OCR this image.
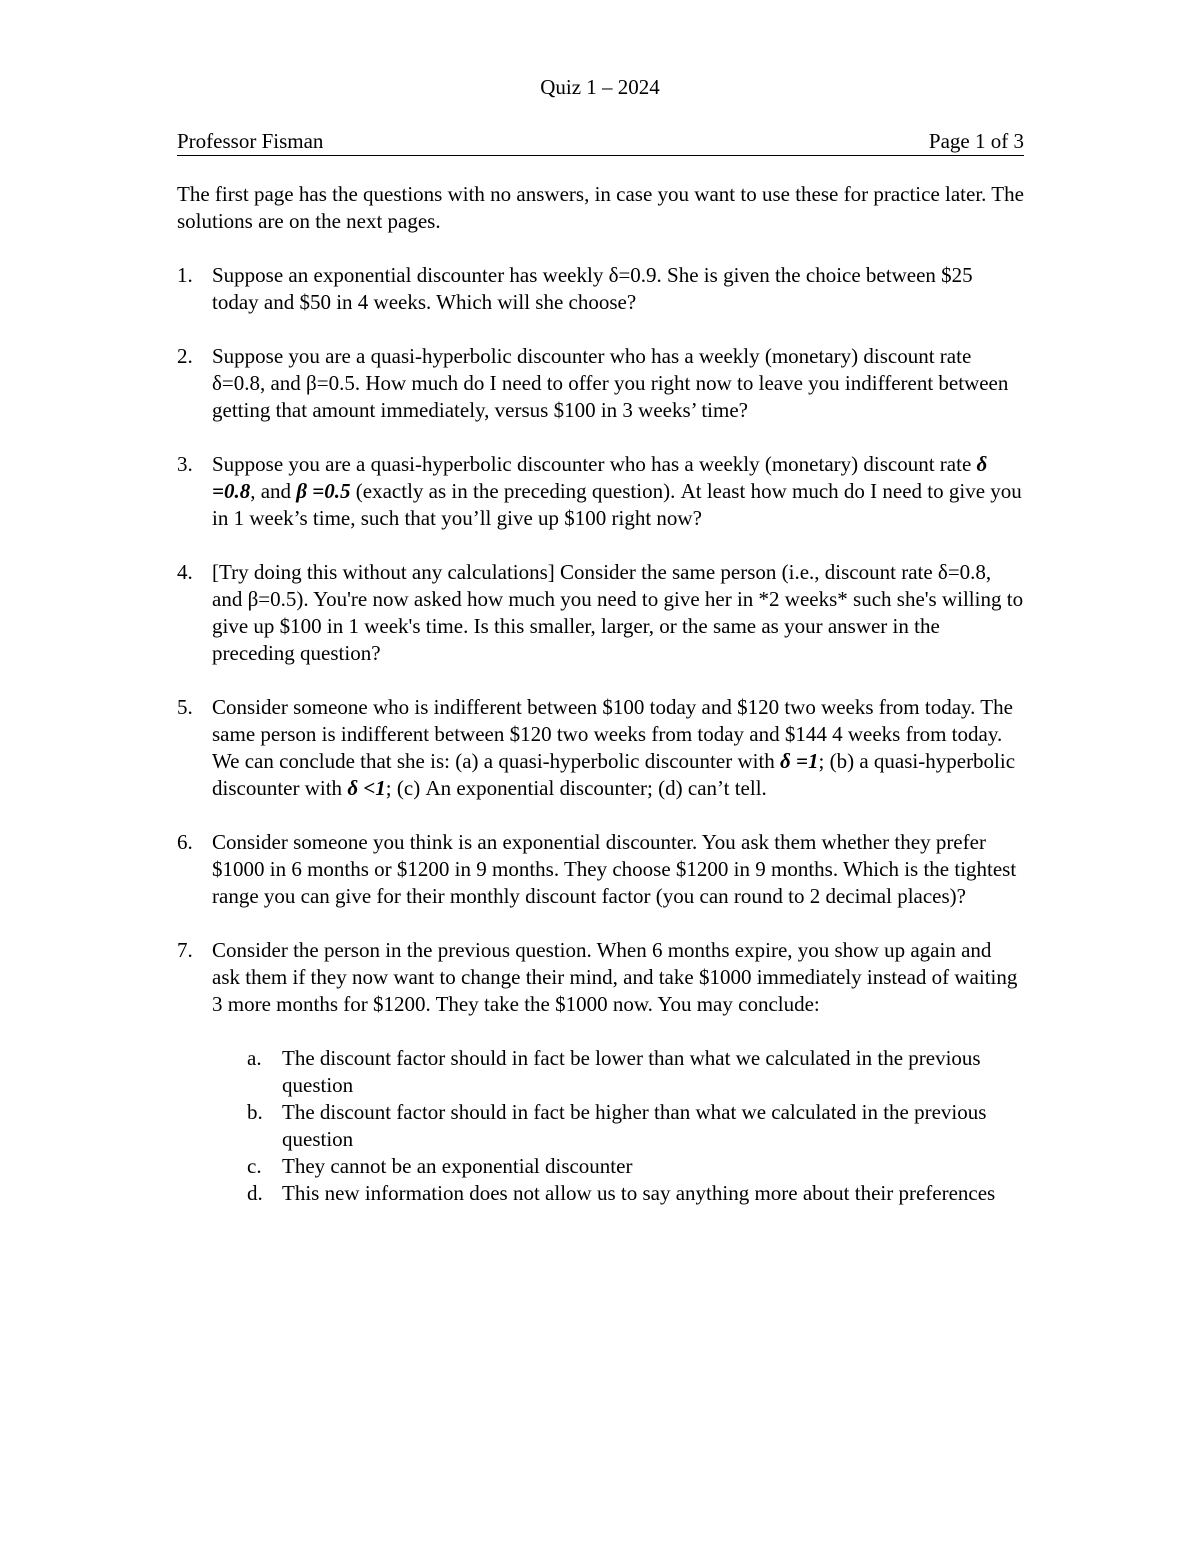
Quiz 1 – 2024
Professor Fisman	Page 1 of 3
The first page has the questions with no answers, in case you want to use these for practice later. The solutions are on the next pages.
1. Suppose an exponential discounter has weekly δ=0.9. She is given the choice between $25 today and $50 in 4 weeks. Which will she choose?
2. Suppose you are a quasi-hyperbolic discounter who has a weekly (monetary) discount rate δ=0.8, and β=0.5. How much do I need to offer you right now to leave you indifferent between getting that amount immediately, versus $100 in 3 weeks’ time?
3. Suppose you are a quasi-hyperbolic discounter who has a weekly (monetary) discount rate δ =0.8, and β =0.5 (exactly as in the preceding question). At least how much do I need to give you in 1 week’s time, such that you’ll give up $100 right now?
4. [Try doing this without any calculations] Consider the same person (i.e., discount rate δ=0.8, and β=0.5). You're now asked how much you need to give her in *2 weeks* such she's willing to give up $100 in 1 week's time. Is this smaller, larger, or the same as your answer in the preceding question?
5. Consider someone who is indifferent between $100 today and $120 two weeks from today. The same person is indifferent between $120 two weeks from today and $144 4 weeks from today. We can conclude that she is: (a) a quasi-hyperbolic discounter with δ =1; (b) a quasi-hyperbolic discounter with δ <1; (c) An exponential discounter; (d) can’t tell.
6. Consider someone you think is an exponential discounter. You ask them whether they prefer $1000 in 6 months or $1200 in 9 months. They choose $1200 in 9 months. Which is the tightest range you can give for their monthly discount factor (you can round to 2 decimal places)?
7. Consider the person in the previous question. When 6 months expire, you show up again and ask them if they now want to change their mind, and take $1000 immediately instead of waiting 3 more months for $1200. They take the $1000 now. You may conclude:
a. The discount factor should in fact be lower than what we calculated in the previous question
b. The discount factor should in fact be higher than what we calculated in the previous question
c. They cannot be an exponential discounter
d. This new information does not allow us to say anything more about their preferences
